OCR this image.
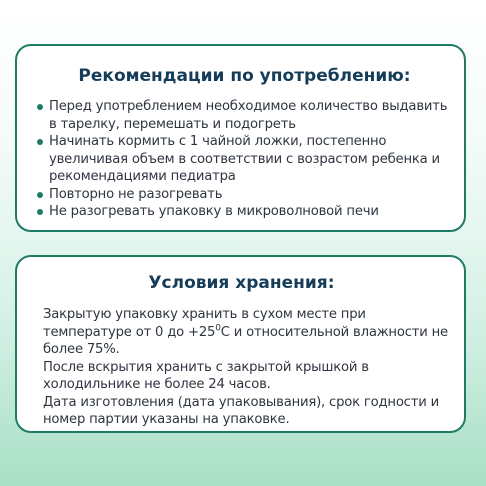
Рекомендации по употреблению:
Перед употреблением необходимое количество выдавить в тарелку, перемешать и подогреть
Начинать кормить с 1 чайной ложки, постепенно увеличивая объем в соответствии с возрастом ребенка и рекомендациями педиатра
Повторно не разогревать
Не разогревать упаковку в микроволновой печи
Условия хранения:

Закрытую упаковку хранить в сухом месте при температуре от 0 до $+25^0С$ и относительной влажности не более 75%.

После вскрытия хранить с закрытой крышкой в холодильнике не более 24 часов.

Дата изготовления (дата упаковывания), срок годности и номер партии указаны на упаковке.
